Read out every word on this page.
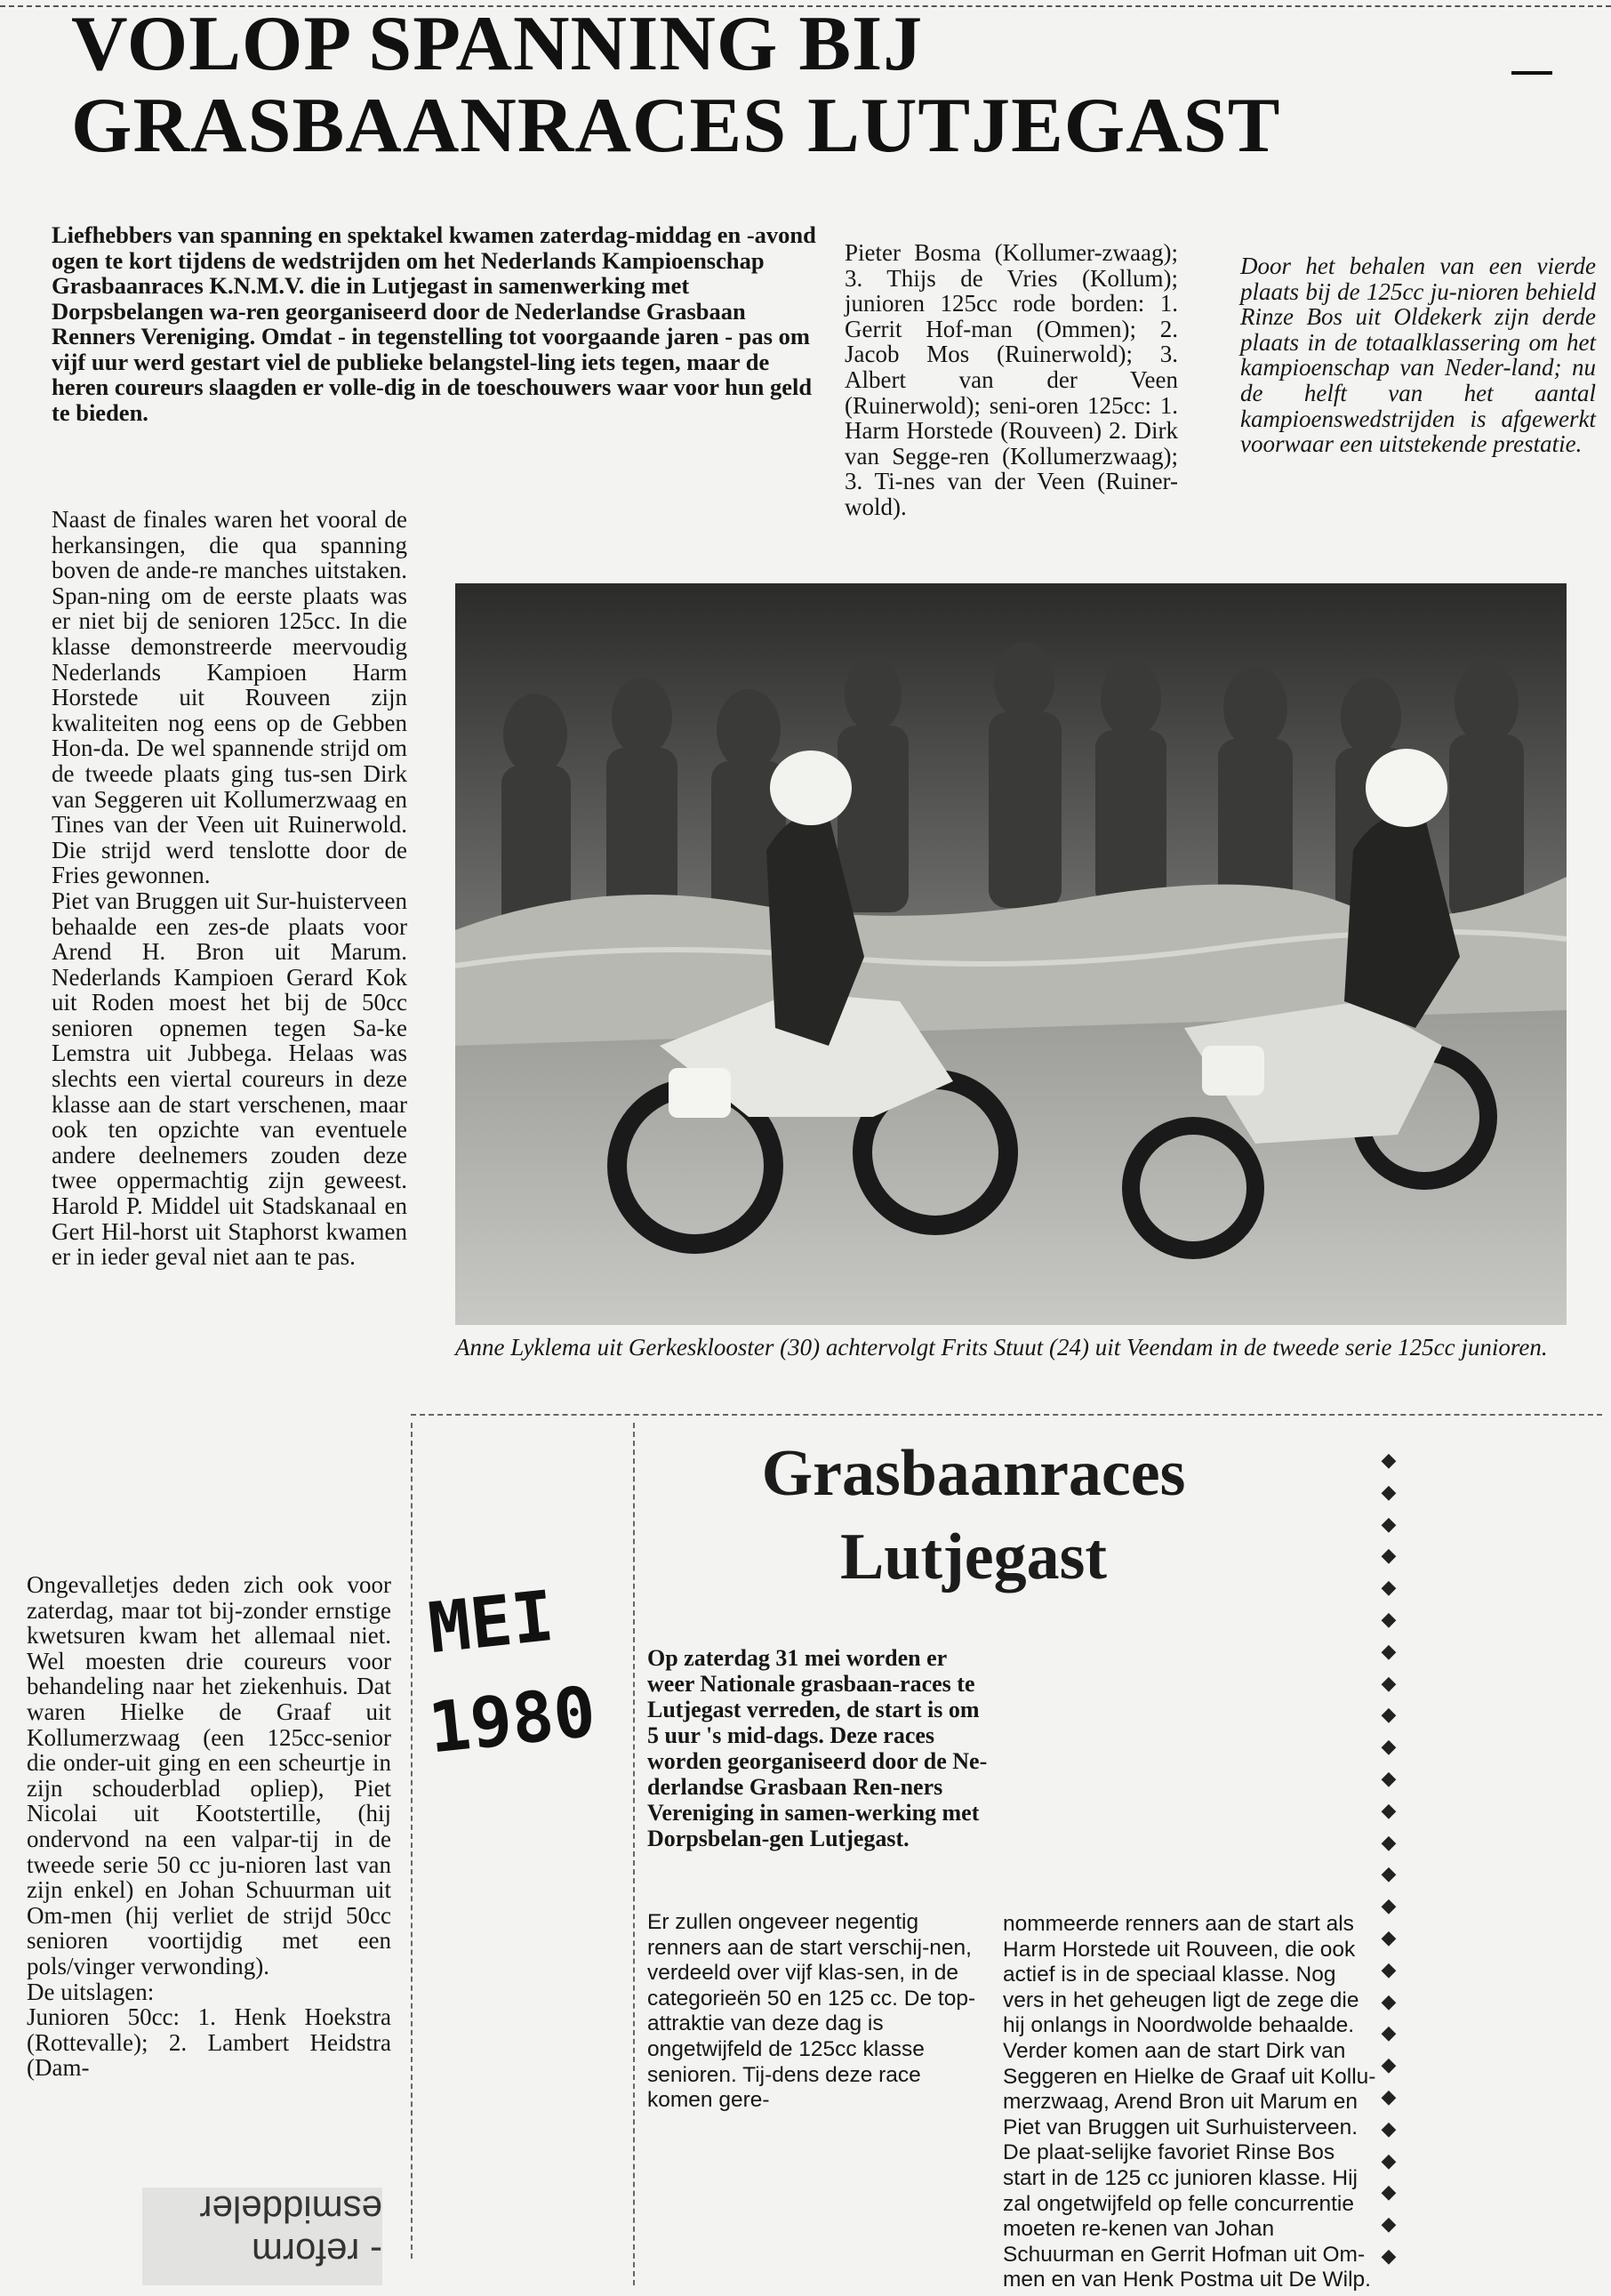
VOLOP SPANNING BIJ
GRASBAANRACES LUTJEGAST

Liefhebbers van spanning en spektakel kwamen zaterdag-middag en -avond ogen te kort tijdens de wedstrijden om het Nederlands Kampioenschap Grasbaanraces K.N.M.V. die in Lutjegast in samenwerking met Dorpsbelangen wa-ren georganiseerd door de Nederlandse Grasbaan Renners Vereniging. Omdat - in tegenstelling tot voorgaande jaren - pas om vijf uur werd gestart viel de publieke belangstel-ling iets tegen, maar de heren coureurs slaagden er volle-dig in de toeschouwers waar voor hun geld te bieden.

Pieter Bosma (Kollumer-zwaag); 3. Thijs de Vries (Kollum); junioren 125cc rode borden: 1. Gerrit Hof-man (Ommen); 2. Jacob Mos (Ruinerwold); 3. Albert van der Veen (Ruinerwold); seni-oren 125cc: 1. Harm Horstede (Rouveen) 2. Dirk van Segge-ren (Kollumerzwaag); 3. Ti-nes van der Veen (Ruiner-wold).

Door het behalen van een vierde plaats bij de 125cc ju-nioren behield Rinze Bos uit Oldekerk zijn derde plaats in de totaalklassering om het kampioenschap van Neder-land; nu de helft van het aantal kampioenswedstrijden is afgewerkt voorwaar een uitstekende prestatie.

Naast de finales waren het vooral de herkansingen, die qua spanning boven de ande-re manches uitstaken. Span-ning om de eerste plaats was er niet bij de senioren 125cc. In die klasse demonstreerde meervoudig Nederlands Kampioen Harm Horstede uit Rouveen zijn kwaliteiten nog eens op de Gebben Hon-da. De wel spannende strijd om de tweede plaats ging tus-sen Dirk van Seggeren uit Kollumerzwaag en Tines van der Veen uit Ruinerwold. Die strijd werd tenslotte door de Fries gewonnen.

Piet van Bruggen uit Sur-huisterveen behaalde een zes-de plaats voor Arend H. Bron uit Marum. Nederlands Kampioen Gerard Kok uit Roden moest het bij de 50cc senioren opnemen tegen Sa-ke Lemstra uit Jubbega. Helaas was slechts een viertal coureurs in deze klasse aan de start verschenen, maar ook ten opzichte van eventuele andere deelnemers zouden deze twee oppermachtig zijn geweest. Harold P. Middel uit Stadskanaal en Gert Hil-horst uit Staphorst kwamen er in ieder geval niet aan te pas.

Ongevalletjes deden zich ook voor zaterdag, maar tot bij-zonder ernstige kwetsuren kwam het allemaal niet. Wel moesten drie coureurs voor behandeling naar het ziekenhuis. Dat waren Hielke de Graaf uit Kollumerzwaag (een 125cc-senior die onder-uit ging en een scheurtje in zijn schouderblad opliep), Piet Nicolai uit Kootstertille, (hij ondervond na een valpar-tij in de tweede serie 50 cc ju-nioren last van zijn enkel) en Johan Schuurman uit Om-men (hij verliet de strijd 50cc senioren voortijdig met een pols/vinger verwonding).

De uitslagen:

Junioren 50cc: 1. Henk Hoekstra (Rottevalle); 2. Lambert Heidstra (Dam-

Anne Lyklema uit Gerkesklooster (30) achtervolgt Frits Stuut (24) uit Veendam in de tweede serie 125cc junioren.

MEI
1980
Grasbaanraces
Lutjegast

Op zaterdag 31 mei worden er weer Nationale grasbaan-races te Lutjegast verreden, de start is om 5 uur 's mid-dags. Deze races worden georganiseerd door de Ne-derlandse Grasbaan Ren-ners Vereniging in samen-werking met Dorpsbelan-gen Lutjegast.

Er zullen ongeveer negentig renners aan de start verschij-nen, verdeeld over vijf klas-sen, in de categorieën 50 en 125 cc. De top-attraktie van deze dag is ongetwijfeld de 125cc klasse senioren. Tij-dens deze race komen gere-

nommeerde renners aan de start als Harm Horstede uit Rouveen, die ook actief is in de speciaal klasse. Nog vers in het geheugen ligt de zege die hij onlangs in Noordwolde behaalde. Verder komen aan de start Dirk van Seggeren en Hielke de Graaf uit Kollu-merzwaag, Arend Bron uit Marum en Piet van Bruggen uit Surhuisterveen. De plaat-selijke favoriet Rinse Bos start in de 125 cc junioren klasse. Hij zal ongetwijfeld op felle concurrentie moeten re-kenen van Johan Schuurman en Gerrit Hofman uit Om-men en van Henk Postma uit De Wilp.

◆
◆
◆
◆
◆
◆
◆
◆
◆
◆
◆
◆
◆
◆
◆
◆
◆
◆
◆
◆
◆
◆
◆
◆
◆
◆
esmiddeler
- reform
